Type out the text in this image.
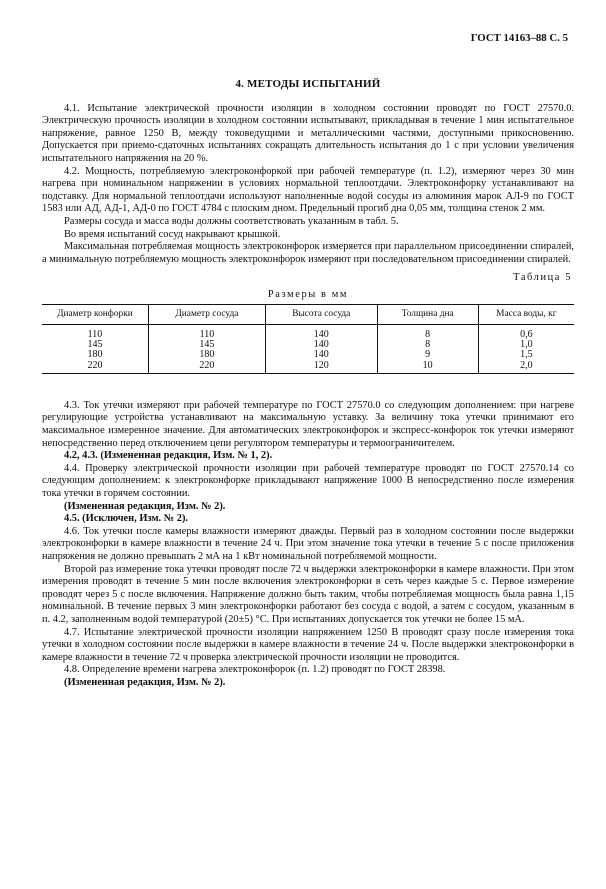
ГОСТ 14163–88 С. 5
4. МЕТОДЫ ИСПЫТАНИЙ

4.1. Испытание электрической прочности изоляции в холодном состоянии проводят по ГОСТ 27570.0. Электрическую прочность изоляции в холодном состоянии испытывают, прикладывая в течение 1 мин испытательное напряжение, равное 1250 В, между токоведущими и металлическими частями, доступными прикосновению. Допускается при приемо-сдаточных испытаниях сокращать длительность испытания до 1 с при условии увеличения испытательного напряжения на 20 %.

4.2. Мощность, потребляемую электроконфоркой при рабочей температуре (п. 1.2), измеряют через 30 мин нагрева при номинальном напряжении в условиях нормальной теплоотдачи. Электроконфорку устанавливают на подставку. Для нормальной теплоотдачи используют наполненные водой сосуды из алюминия марок АЛ-9 по ГОСТ 1583 или АД, АД-1, АД-0 по ГОСТ 4784 с плоским дном. Предельный прогиб дна 0,05 мм, толщина стенок 2 мм.

Размеры сосуда и масса воды должны соответствовать указанным в табл. 5.

Во время испытаний сосуд накрывают крышкой.

Максимальная потребляемая мощность электроконфорок измеряется при параллельном присоединении спиралей, а минимальную потребляемую мощность электроконфорок измеряют при последовательном присоединении спиралей.

Таблица 5
Размеры в мм
Диаметр конфорки	Диаметр сосуда	Высота сосуда	Толщина дна	Масса воды, кг
110	110	140	8	0,6
145	145	140	8	1,0
180	180	140	9	1,5
220	220	120	10	2,0

4.3. Ток утечки измеряют при рабочей температуре по ГОСТ 27570.0 со следующим дополнением: при нагреве регулирующие устройства устанавливают на максимальную уставку. За величину тока утечки принимают его максимальное измеренное значение. Для автоматических электроконфорок и экспресс-конфорок ток утечки измеряют непосредственно перед отключением цепи регулятором температуры и термоограничителем.

4.2, 4.3. (Измененная редакция, Изм. № 1, 2).

4.4. Проверку электрической прочности изоляции при рабочей температуре проводят по ГОСТ 27570.14 со следующим дополнением: к электроконфорке прикладывают напряжение 1000 В непосредственно после измерения тока утечки в горячем состоянии.

(Измененная редакция, Изм. № 2).

4.5. (Исключен, Изм. № 2).

4.6. Ток утечки после камеры влажности измеряют дважды. Первый раз в холодном состоянии после выдержки электроконфорки в камере влажности в течение 24 ч. При этом значение тока утечки в течение 5 с после приложения напряжения не должно превышать 2 мА на 1 кВт номинальной потребляемой мощности.

Второй раз измерение тока утечки проводят после 72 ч выдержки электроконфорки в камере влажности. При этом измерения проводят в течение 5 мин после включения электроконфорки в сеть через каждые 5 с. Первое измерение проводят через 5 с после включения. Напряжение должно быть таким, чтобы потребляемая мощность была равна 1,15 номинальной. В течение первых 3 мин электроконфорки работают без сосуда с водой, а затем с сосудом, указанным в п. 4.2, заполненным водой температурой (20±5) °С. При испытаниях допускается ток утечки не более 15 мА.

4.7. Испытание электрической прочности изоляции напряжением 1250 В проводят сразу после измерения тока утечки в холодном состоянии после выдержки в камере влажности в течение 24 ч. После выдержки электроконфорки в камере влажности в течение 72 ч проверка электрической прочности изоляции не проводится.

4.8. Определение времени нагрева электроконфорок (п. 1.2) проводят по ГОСТ 28398.

(Измененная редакция, Изм. № 2).
